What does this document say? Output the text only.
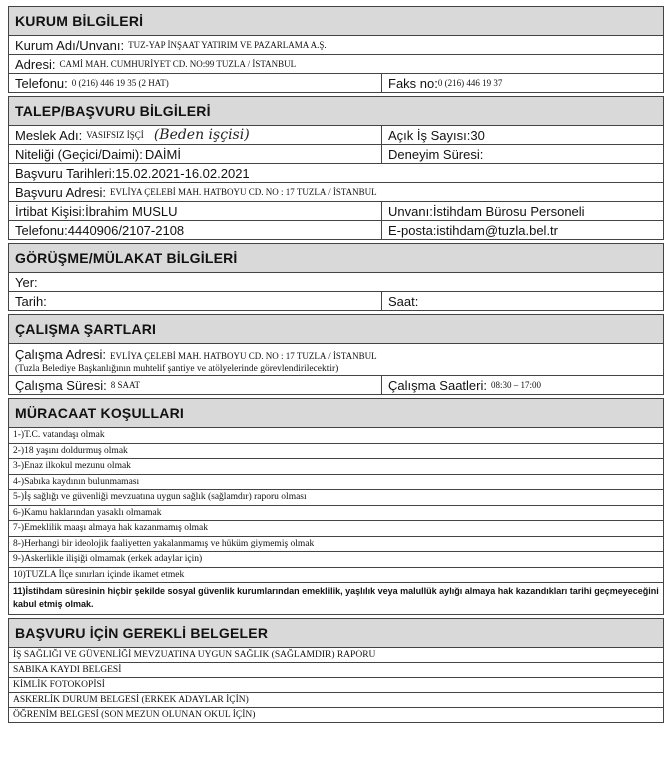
KURUM BİLGİLERİ
Kurum Adı/Unvanı: TUZ-YAP İNŞAAT YATIRIM VE PAZARLAMA A.Ş.
Adresi: CAMİ MAH. CUMHURİYET CD. NO:99 TUZLA / İSTANBUL
Telefonu: 0 (216) 446 19 35 (2 HAT)	Faks no: 0 (216) 446 19 37
TALEP/BAŞVURU BİLGİLERİ
Meslek Adı: VASIFSIZ İŞÇİ (Beden işçisi)	Açık İş Sayısı: 30
Niteliği (Geçici/Daimi): DAİMİ	Deneyim Süresi:
Başvuru Tarihleri: 15.02.2021-16.02.2021
Başvuru Adresi: EVLİYA ÇELEBİ MAH. HATBOYU CD. NO : 17 TUZLA / İSTANBUL
İrtibat Kişisi: İbrahim MUSLU	Unvanı: İstihdam Bürosu Personeli
Telefonu: 4440906/2107-2108	E-posta: istihdam@tuzla.bel.tr
GÖRÜŞME/MÜLAKAT BİLGİLERİ
Yer:
Tarih:	Saat:
ÇALIŞMA ŞARTLARI
Çalışma Adresi: EVLİYA ÇELEBİ MAH. HATBOYU CD. NO : 17 TUZLA / İSTANBUL
(Tuzla Belediye Başkanlığının muhtelif şantiye ve atölyelerinde görevlendirilecektir)
Çalışma Süresi: 8 SAAT	Çalışma Saatleri: 08:30 – 17:00
MÜRACAAT KOŞULLARI
1-)T.C. vatandaşı olmak
2-)18 yaşını doldurmuş olmak
3-)Enaz ilkokul mezunu olmak
4-)Sabıka kaydının bulunmaması
5-)İş sağlığı ve güvenliği mevzuatına uygun sağlık (sağlamdır) raporu olması
6-)Kamu haklarından yasaklı olmamak
7-)Emeklilik maaşı almaya hak kazanmamış olmak
8-)Herhangi bir ideolojik faaliyetten yakalanmamış ve hüküm giymemiş olmak
9-)Askerlikle ilişiği olmamak (erkek adaylar için)
10)TUZLA İlçe sınırları içinde ikamet etmek
11)İstihdam süresinin hiçbir şekilde sosyal güvenlik kurumlarından emeklilik, yaşlılık veya malullük aylığı almaya hak kazandıkları tarihi geçmeyeceğini kabul etmiş olmak.
BAŞVURU İÇİN GEREKLİ BELGELER
İŞ SAĞLIĞI VE GÜVENLİĞİ MEVZUATINA UYGUN SAĞLIK (SAĞLAMDIR) RAPORU
SABIKA KAYDI BELGESİ
KİMLİK FOTOKOPİSİ
ASKERLİK DURUM BELGESİ (ERKEK ADAYLAR İÇİN)
ÖĞRENİM BELGESİ (SON MEZUN OLUNAN OKUL İÇİN)
